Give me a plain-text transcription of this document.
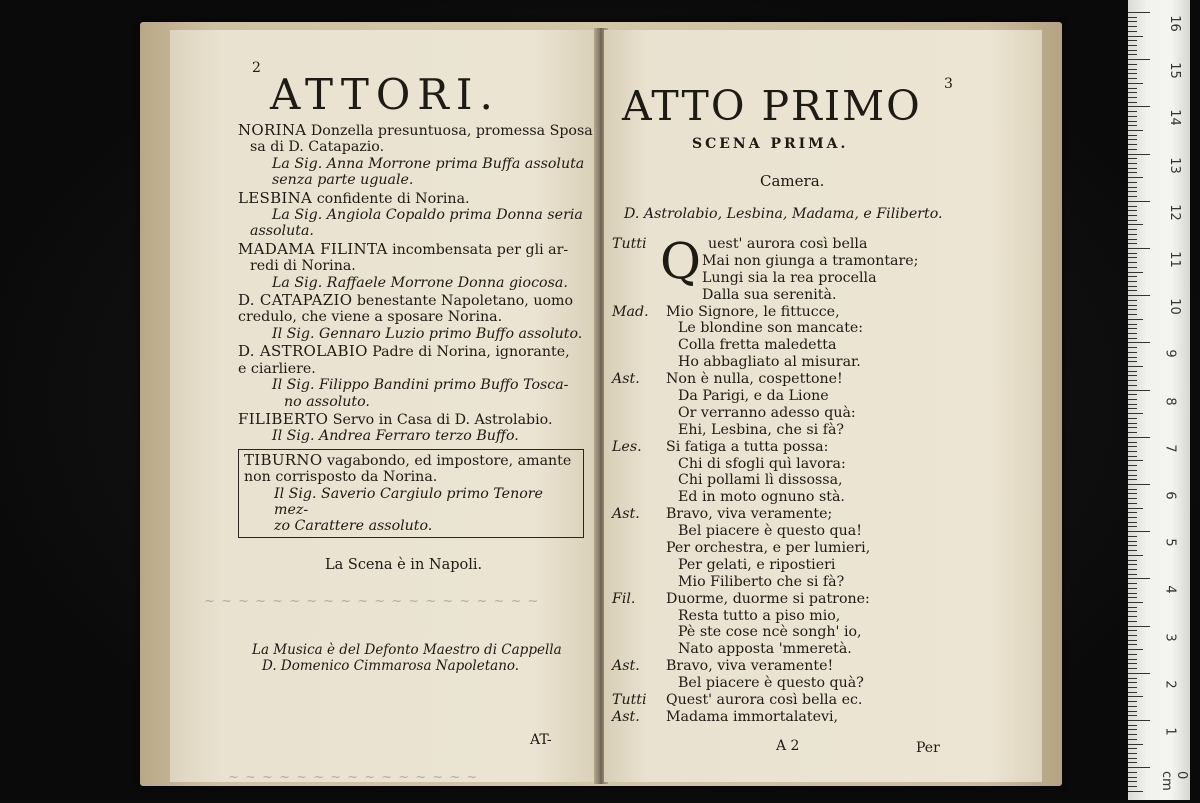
2
ATTORI.
NORINA Donzella presuntuosa, promessa Sposa
sa di D. Catapazio.
La Sig. Anna Morrone prima Buffa assoluta
senza parte uguale.
LESBINA confidente di Norina.
La Sig. Angiola Copaldo prima Donna seria
assoluta.
MADAMA FILINTA incombensata per gli ar-
redi di Norina.
La Sig. Raffaele Morrone Donna giocosa.
D. CATAPAZIO benestante Napoletano, uomo
credulo, che viene a sposare Norina.
Il Sig. Gennaro Luzio primo Buffo assoluto.
D. ASTROLABIO Padre di Norina, ignorante,
e ciarliere.
Il Sig. Filippo Bandini primo Buffo Tosca-
no assoluto.
FILIBERTO Servo in Casa di D. Astrolabio.
Il Sig. Andrea Ferraro terzo Buffo.
TIBURNO vagabondo, ed impostore, amante
non corrisposto da Norina.
Il Sig. Saverio Cargiulo primo Tenore mez-
zo Carattere assoluto.
La Scena è in Napoli.
~ ~ ~ ~ ~ ~ ~ ~ ~ ~ ~ ~ ~ ~ ~ ~ ~ ~ ~ ~
La Musica è del Defonto Maestro di Cappella
D. Domenico Cimmarosa Napoletano.
~ ~ ~ ~ ~ ~ ~ ~ ~ ~ ~ ~ ~ ~ ~
AT-
ATTO PRIMO 3
SCENA PRIMA.
Camera.
D. Astrolabio, Lesbina, Madama, e Filiberto.
Q
Tutti	uest' aurora così bella
Mai non giunga a tramontare;
Lungi sia la rea procella
Dalla sua serenità.
Mad. Mio Signore, le fittucce,
Le blondine son mancate:
Colla fretta maledetta
Ho abbagliato al misurar.
Ast. Non è nulla, cospettone!
Da Parigi, e da Lione
Or verranno adesso quà:
Ehi, Lesbina, che si fà?
Les. Si fatiga a tutta possa:
Chi di sfogli quì lavora:
Chi pollami lì dissossa,
Ed in moto ognuno stà.
Ast. Bravo, viva veramente;
Bel piacere è questo qua!
Per orchestra, e per lumieri,
Per gelati, e ripostieri
Mio Filiberto che si fà?
Fil. Duorme, duorme si patrone:
Resta tutto a piso mio,
Pè ste cose ncè songh' io,
Nato apposta 'mmeretà.
Ast. Bravo, viva veramente!
Bel piacere è questo quà?
Tutti Quest' aurora così bella ec.
Ast. Madama immortalatevi,
A 2	Per
16
15
14
13
12
11
10
9
8
7
6
5
4
3
2
1
0 cm
